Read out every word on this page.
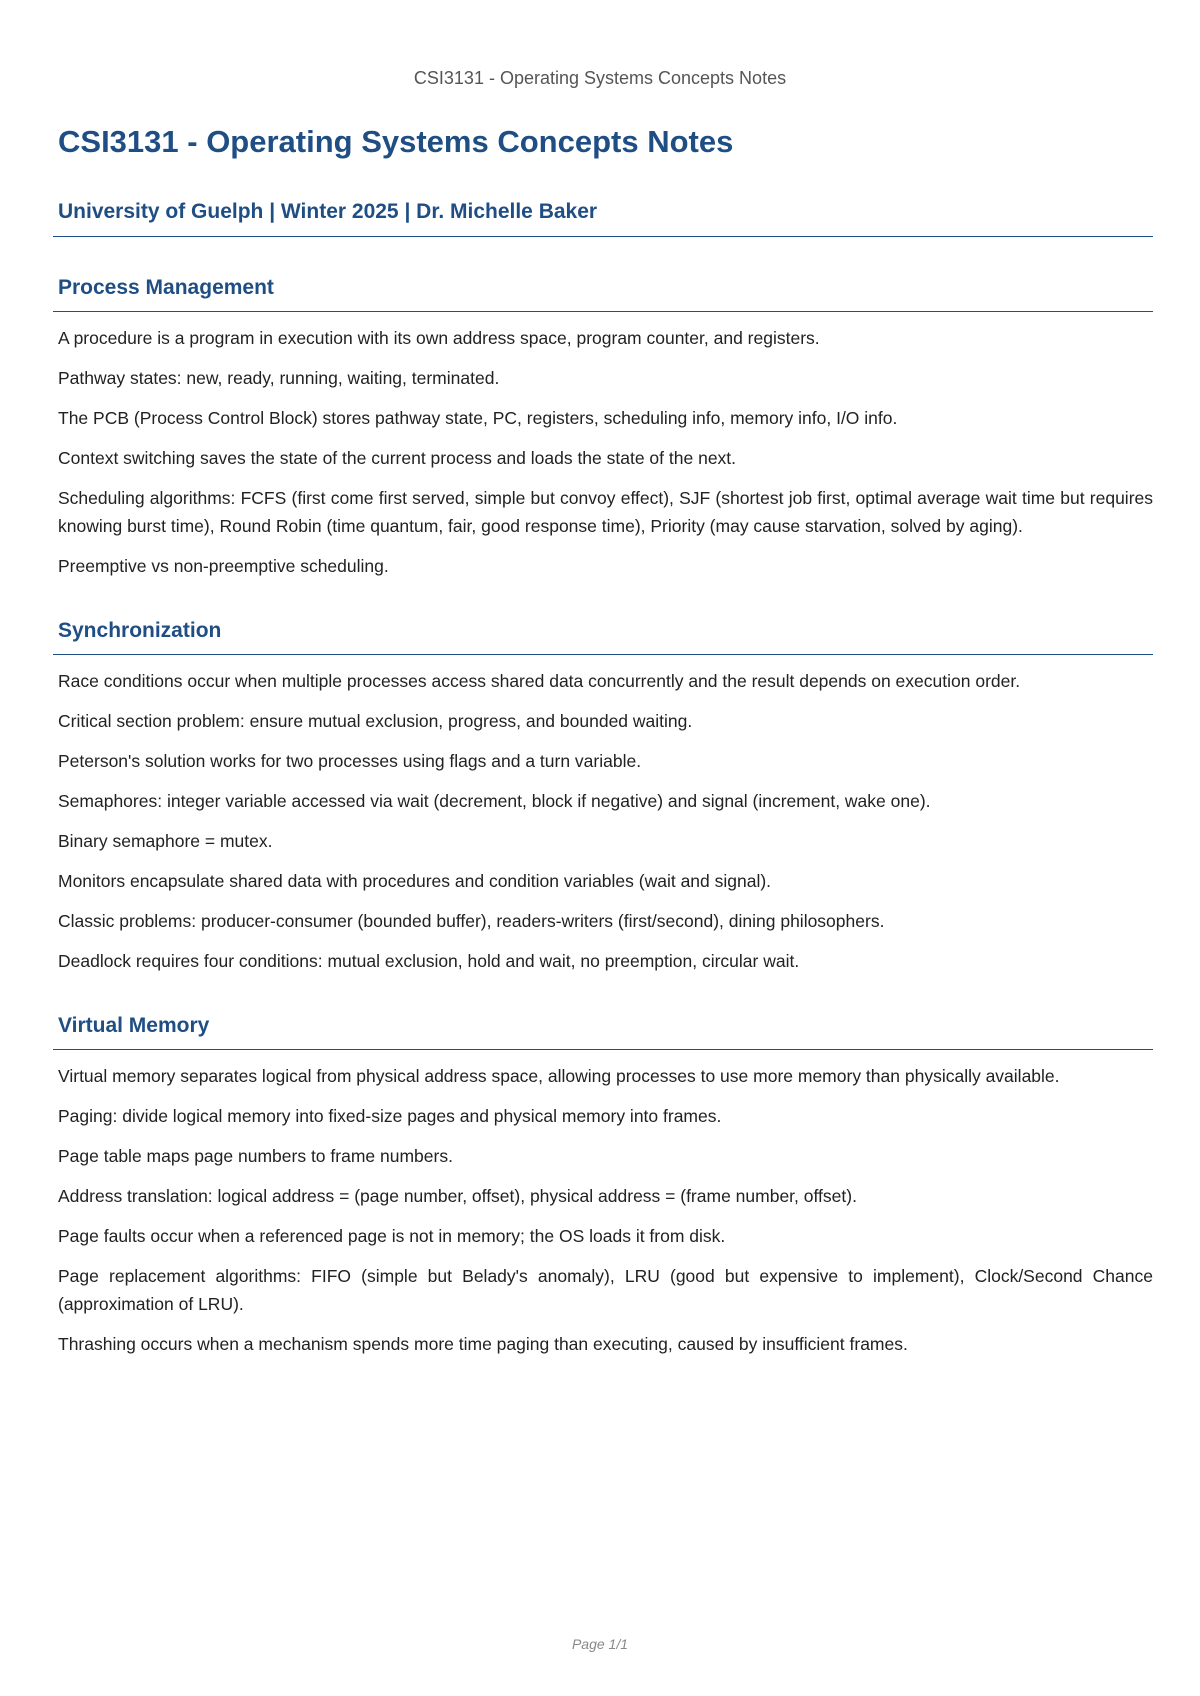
CSI3131 - Operating Systems Concepts Notes
CSI3131 - Operating Systems Concepts Notes
University of Guelph | Winter 2025 | Dr. Michelle Baker
Process Management

A procedure is a program in execution with its own address space, program counter, and registers.

Pathway states: new, ready, running, waiting, terminated.

The PCB (Process Control Block) stores pathway state, PC, registers, scheduling info, memory info, I/O info.

Context switching saves the state of the current process and loads the state of the next.

Scheduling algorithms: FCFS (first come first served, simple but convoy effect), SJF (shortest job first, optimal average wait time but requires knowing burst time), Round Robin (time quantum, fair, good response time), Priority (may cause starvation, solved by aging).

Preemptive vs non-preemptive scheduling.

Synchronization

Race conditions occur when multiple processes access shared data concurrently and the result depends on execution order.

Critical section problem: ensure mutual exclusion, progress, and bounded waiting.

Peterson's solution works for two processes using flags and a turn variable.

Semaphores: integer variable accessed via wait (decrement, block if negative) and signal (increment, wake one).

Binary semaphore = mutex.

Monitors encapsulate shared data with procedures and condition variables (wait and signal).

Classic problems: producer-consumer (bounded buffer), readers-writers (first/second), dining philosophers.

Deadlock requires four conditions: mutual exclusion, hold and wait, no preemption, circular wait.

Virtual Memory

Virtual memory separates logical from physical address space, allowing processes to use more memory than physically available.

Paging: divide logical memory into fixed-size pages and physical memory into frames.

Page table maps page numbers to frame numbers.

Address translation: logical address = (page number, offset), physical address = (frame number, offset).

Page faults occur when a referenced page is not in memory; the OS loads it from disk.

Page replacement algorithms: FIFO (simple but Belady's anomaly), LRU (good but expensive to implement), Clock/Second Chance (approximation of LRU).

Thrashing occurs when a mechanism spends more time paging than executing, caused by insufficient frames.

Page 1/1
